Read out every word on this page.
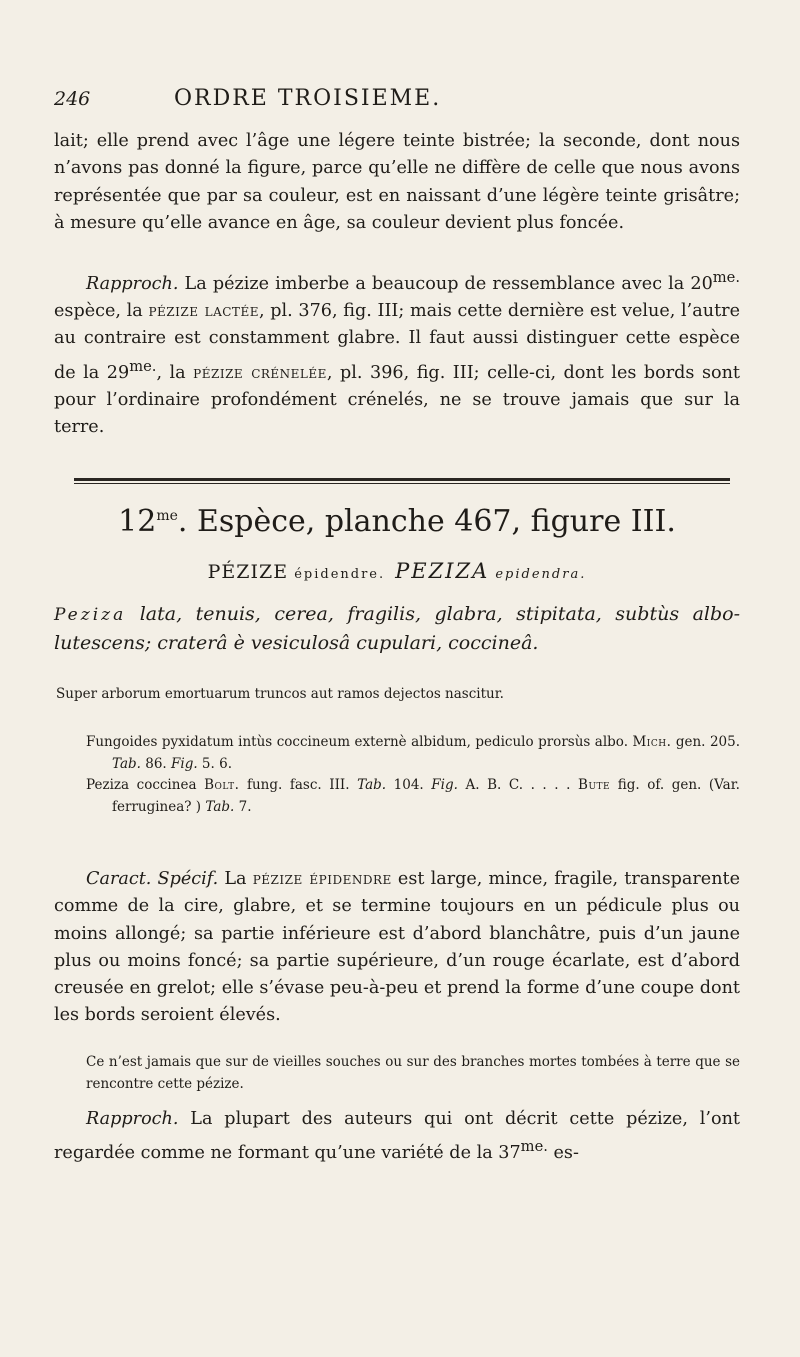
246	ORDRE TROISIEME.

lait; elle prend avec l’âge une légere teinte bistrée; la seconde, dont nous n’avons pas donné la figure, parce qu’elle ne diffère de celle que nous avons représentée que par sa couleur, est en naissant d’une légère teinte grisâtre; à mesure qu’elle avance en âge, sa couleur devient plus foncée.

Rapproch. La pézize imberbe a beaucoup de ressemblance avec la $20^{me.}$ espèce, la pézize lactée, pl. 376, fig. III; mais cette dernière est velue, l’autre au contraire est constamment glabre. Il faut aussi distinguer cette espèce de la $29^{me.}$, la pézize crénelée, pl. 396, fig. III; celle-ci, dont les bords sont pour l’ordinaire profondément crénelés, ne se trouve jamais que sur la terre.

$12^{me}$. Espèce, planche 467, figure III.
PÉZIZE épidendre. PEZIZA epidendra.

Peziza lata, tenuis, cerea, fragilis, glabra, stipitata, subtùs albo-lutescens; craterâ è vesiculosâ cupulari, coccineâ.

Super arborum emortuarum truncos aut ramos dejectos nascitur.

Fungoides pyxidatum intùs coccineum externè albidum, pediculo prorsùs albo. Mich. gen. 205. Tab. 86. Fig. 5. 6.

Peziza coccinea Bolt. fung. fasc. III. Tab. 104. Fig. A. B. C. . . . . Bute fig. of. gen. (Var. ferruginea? ) Tab. 7.

Caract. Spécif. La pézize épidendre est large, mince, fragile, transparente comme de la cire, glabre, et se termine toujours en un pédicule plus ou moins allongé; sa partie inférieure est d’abord blanchâtre, puis d’un jaune plus ou moins foncé; sa partie supérieure, d’un rouge écarlate, est d’abord creusée en grelot; elle s’évase peu-à-peu et prend la forme d’une coupe dont les bords seroient élevés.

Ce n’est jamais que sur de vieilles souches ou sur des branches mortes tombées à terre que se rencontre cette pézize.

Rapproch. La plupart des auteurs qui ont décrit cette pézize, l’ont regardée comme ne formant qu’une variété de la $37^{me.}$ es-
